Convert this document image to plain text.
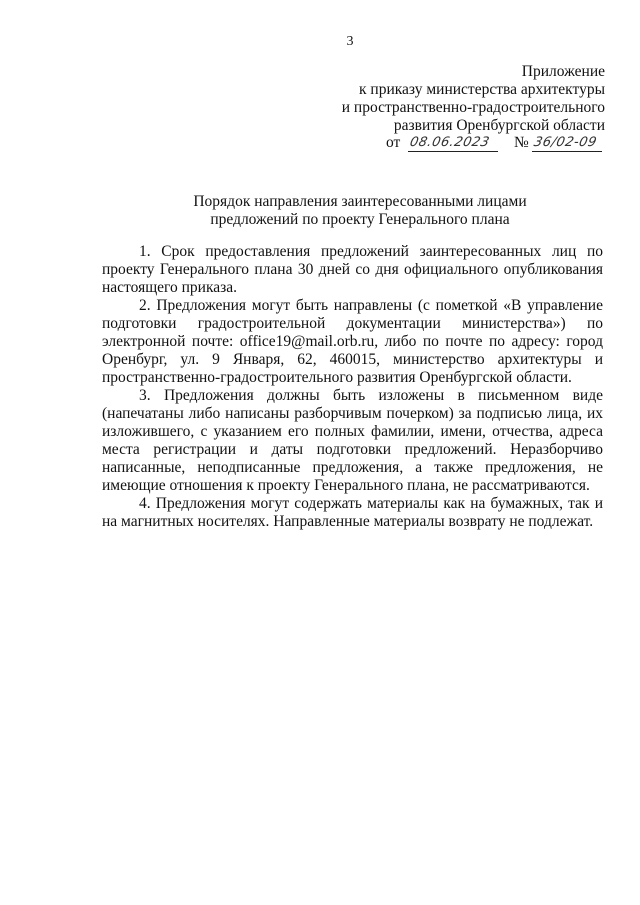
3
Приложение
к приказу министерства архитектуры
и пространственно-градостроительного
развития Оренбургской области
от 08.06.2023 № 36/02-09
Порядок направления заинтересованными лицами
предложений по проекту Генерального плана

1. Срок предоставления предложений заинтересованных лиц по проекту Генерального плана 30 дней со дня официального опубликования настоящего приказа.

2. Предложения могут быть направлены (с пометкой «В управление подготовки градостроительной документации министерства») по электронной почте: office19@mail.orb.ru, либо по почте по адресу: город Оренбург, ул. 9 Января, 62, 460015, министерство архитектуры и пространственно-градостроительного развития Оренбургской области.

3. Предложения должны быть изложены в письменном виде (напечатаны либо написаны разборчивым почерком) за подписью лица, их изложившего, с указанием его полных фамилии, имени, отчества, адреса места регистрации и даты подготовки предложений. Неразборчиво написанные, неподписанные предложения, а также предложения, не имеющие отношения к проекту Генерального плана, не рассматриваются.

4. Предложения могут содержать материалы как на бумажных, так и на магнитных носителях. Направленные материалы возврату не подлежат.
